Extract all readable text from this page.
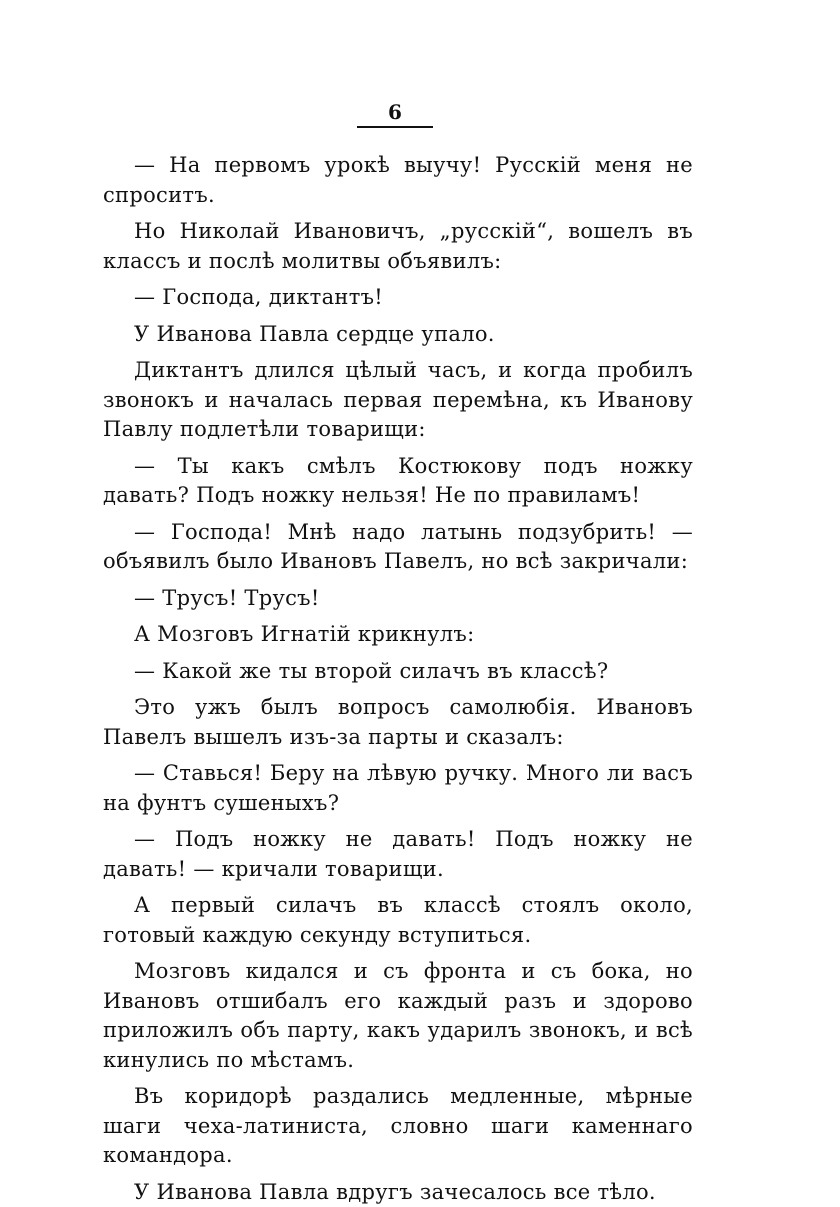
6

— На первомъ урокѣ выучу! Русскій меня не спроситъ.

Но Николай Ивановичъ, „русскій“, вошелъ въ классъ и послѣ молитвы объявилъ:

— Господа, диктантъ!

У Иванова Павла сердце упало.

Диктантъ длился цѣлый часъ, и когда пробилъ звонокъ и началась первая перемѣна, къ Иванову Павлу подлетѣли товарищи:

— Ты какъ смѣлъ Костюкову подъ ножку давать? Подъ ножку нельзя! Не по правиламъ!

— Господа! Мнѣ надо латынь подзубрить! — объявилъ было Ивановъ Павелъ, но всѣ закричали:

— Трусъ! Трусъ!

А Мозговъ Игнатій крикнулъ:

— Какой же ты второй силачъ въ классѣ?

Это ужъ былъ вопросъ самолюбія. Ивановъ Павелъ вышелъ изъ-за парты и сказалъ:

— Ставься! Беру на лѣвую ручку. Много ли васъ на фунтъ сушеныхъ?

— Подъ ножку не давать! Подъ ножку не давать! — кричали товарищи.

А первый силачъ въ классѣ стоялъ около, готовый каждую секунду вступиться.

Мозговъ кидался и съ фронта и съ бока, но Ивановъ отшибалъ его каждый разъ и здорово приложилъ объ парту, какъ ударилъ звонокъ, и всѣ кинулись по мѣстамъ.

Въ коридорѣ раздались медленные, мѣрные шаги чеха-латиниста, словно шаги каменнаго командора.

У Иванова Павла вдругъ зачесалось все тѣло.
